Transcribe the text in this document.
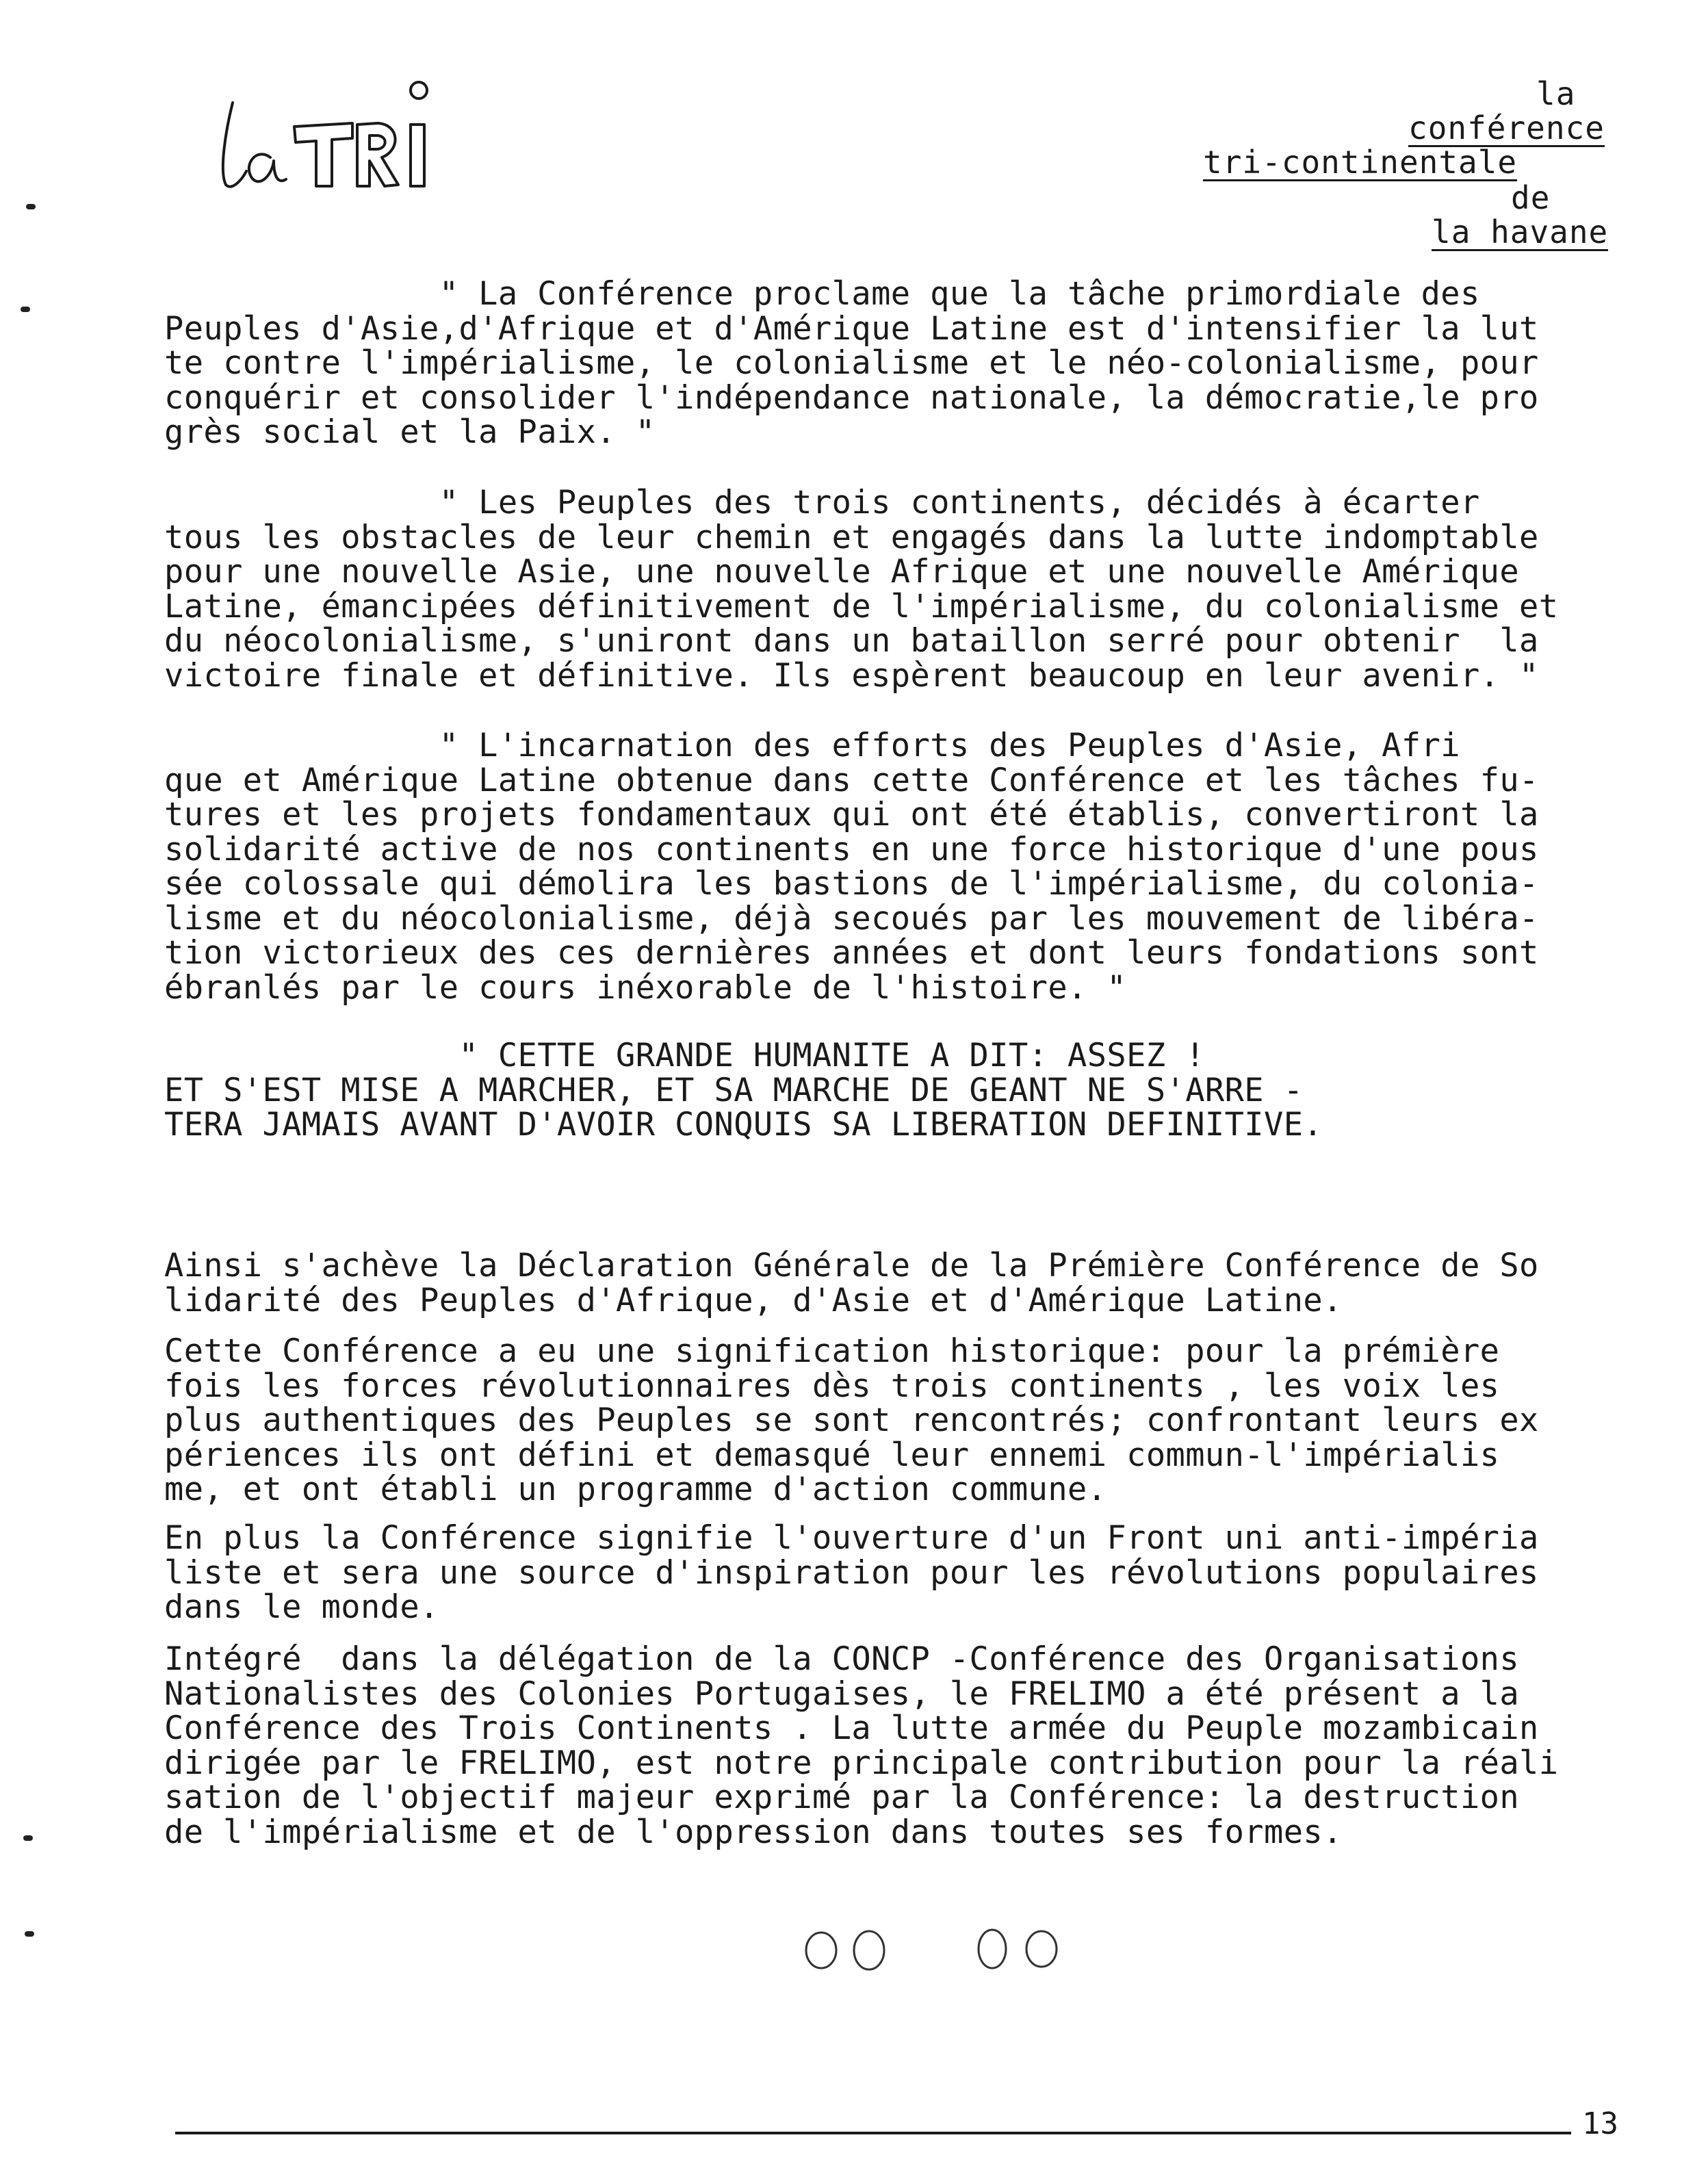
la
conférence
tri-continentale
de
la havane
" La Conférence proclame que la tâche primordiale des
Peuples d'Asie,d'Afrique et d'Amérique Latine est d'intensifier la lut
te contre l'impérialisme, le colonialisme et le néo-colonialisme, pour
conquérir et consolider l'indépendance nationale, la démocratie,le pro
grès social et la Paix. "
" Les Peuples des trois continents, décidés à écarter
tous les obstacles de leur chemin et engagés dans la lutte indomptable
pour une nouvelle Asie, une nouvelle Afrique et une nouvelle Amérique
Latine, émancipées définitivement de l'impérialisme, du colonialisme et
du néocolonialisme, s'uniront dans un bataillon serré pour obtenir  la
victoire finale et définitive. Ils espèrent beaucoup en leur avenir. "
" L'incarnation des efforts des Peuples d'Asie, Afri
que et Amérique Latine obtenue dans cette Conférence et les tâches fu-
tures et les projets fondamentaux qui ont été établis, convertiront la
solidarité active de nos continents en une force historique d'une pous
sée colossale qui démolira les bastions de l'impérialisme, du colonia-
lisme et du néocolonialisme, déjà secoués par les mouvement de libéra-
tion victorieux des ces dernières années et dont leurs fondations sont
ébranlés par le cours inéxorable de l'histoire. "
" CETTE GRANDE HUMANITE A DIT: ASSEZ !
ET S'EST MISE A MARCHER, ET SA MARCHE DE GEANT NE S'ARRE -
TERA JAMAIS AVANT D'AVOIR CONQUIS SA LIBERATION DEFINITIVE.
Ainsi s'achève la Déclaration Générale de la Prémière Conférence de So
lidarité des Peuples d'Afrique, d'Asie et d'Amérique Latine.
Cette Conférence a eu une signification historique: pour la prémière
fois les forces révolutionnaires dès trois continents , les voix les
plus authentiques des Peuples se sont rencontrés; confrontant leurs ex
périences ils ont défini et demasqué leur ennemi commun-l'impérialis
me, et ont établi un programme d'action commune.
En plus la Conférence signifie l'ouverture d'un Front uni anti-impéria
liste et sera une source d'inspiration pour les révolutions populaires
dans le monde.
Intégré  dans la délégation de la CONCP -Conférence des Organisations
Nationalistes des Colonies Portugaises, le FRELIMO a été présent a la
Conférence des Trois Continents . La lutte armée du Peuple mozambicain
dirigée par le FRELIMO, est notre principale contribution pour la réali
sation de l'objectif majeur exprimé par la Conférence: la destruction
de l'impérialisme et de l'oppression dans toutes ses formes.
13
